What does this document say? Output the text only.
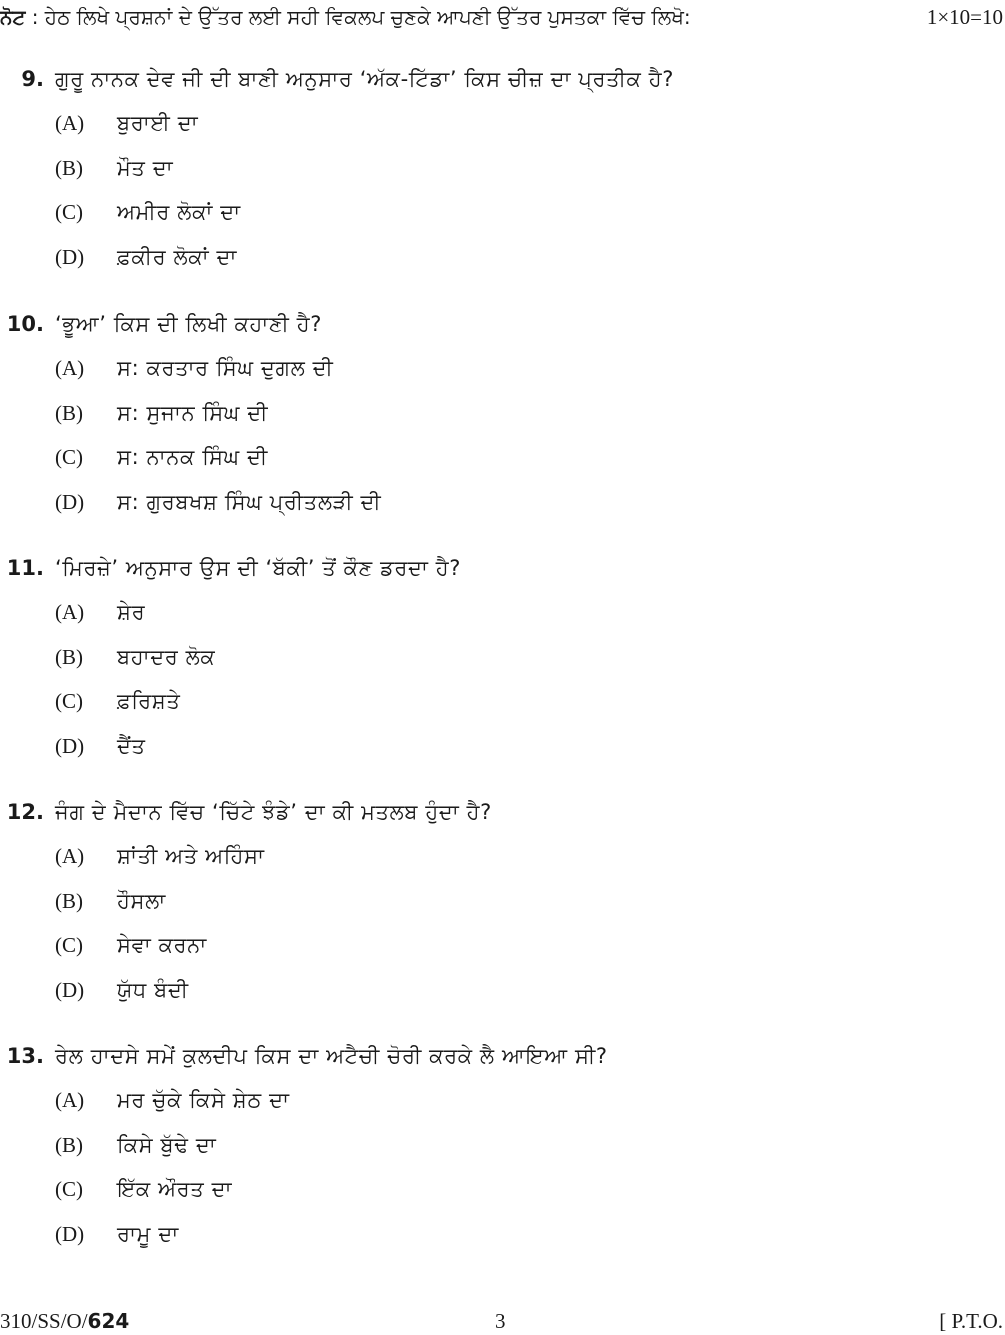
ਨੋਟ : ਹੇਠ ਲਿਖੇ ਪ੍ਰਸ਼ਨਾਂ ਦੇ ਉੱਤਰ ਲਈ ਸਹੀ ਵਿਕਲਪ ਚੁਣਕੇ ਆਪਣੀ ਉੱਤਰ ਪੁਸਤਕਾ ਵਿੱਚ ਲਿਖੋ:	1×10=10
9. ਗੁਰੂ ਨਾਨਕ ਦੇਵ ਜੀ ਦੀ ਬਾਣੀ ਅਨੁਸਾਰ ‘ਅੱਕ-ਟਿੱਡਾ’ ਕਿਸ ਚੀਜ਼ ਦਾ ਪ੍ਰਤੀਕ ਹੈ?
(A) ਬੁਰਾਈ ਦਾ
(B) ਮੌਤ ਦਾ
(C) ਅਮੀਰ ਲੋਕਾਂ ਦਾ
(D) ਫ਼ਕੀਰ ਲੋਕਾਂ ਦਾ
10. ‘ਭੂਆ’ ਕਿਸ ਦੀ ਲਿਖੀ ਕਹਾਣੀ ਹੈ?
(A) ਸ: ਕਰਤਾਰ ਸਿੰਘ ਦੁਗਲ ਦੀ
(B) ਸ: ਸੁਜਾਨ ਸਿੰਘ ਦੀ
(C) ਸ: ਨਾਨਕ ਸਿੰਘ ਦੀ
(D) ਸ: ਗੁਰਬਖਸ਼ ਸਿੰਘ ਪ੍ਰੀਤਲੜੀ ਦੀ
11. ‘ਮਿਰਜ਼ੇ’ ਅਨੁਸਾਰ ਉਸ ਦੀ ‘ਬੱਕੀ’ ਤੋਂ ਕੌਣ ਡਰਦਾ ਹੈ?
(A) ਸ਼ੇਰ
(B) ਬਹਾਦਰ ਲੋਕ
(C) ਫ਼ਰਿਸ਼ਤੇ
(D) ਦੈਂਤ
12. ਜੰਗ ਦੇ ਮੈਦਾਨ ਵਿੱਚ ‘ਚਿੱਟੇ ਝੰਡੇ’ ਦਾ ਕੀ ਮਤਲਬ ਹੁੰਦਾ ਹੈ?
(A) ਸ਼ਾਂਤੀ ਅਤੇ ਅਹਿੰਸਾ
(B) ਹੌਸਲਾ
(C) ਸੇਵਾ ਕਰਨਾ
(D) ਯੁੱਧ ਬੰਦੀ
13. ਰੇਲ ਹਾਦਸੇ ਸਮੇਂ ਕੁਲਦੀਪ ਕਿਸ ਦਾ ਅਟੈਚੀ ਚੋਰੀ ਕਰਕੇ ਲੈ ਆਇਆ ਸੀ?
(A) ਮਰ ਚੁੱਕੇ ਕਿਸੇ ਸ਼ੇਠ ਦਾ
(B) ਕਿਸੇ ਬੁੱਢੇ ਦਾ
(C) ਇੱਕ ਔਰਤ ਦਾ
(D) ਰਾਮੂ ਦਾ
310/SS/O/624	3	[ P.T.O.
